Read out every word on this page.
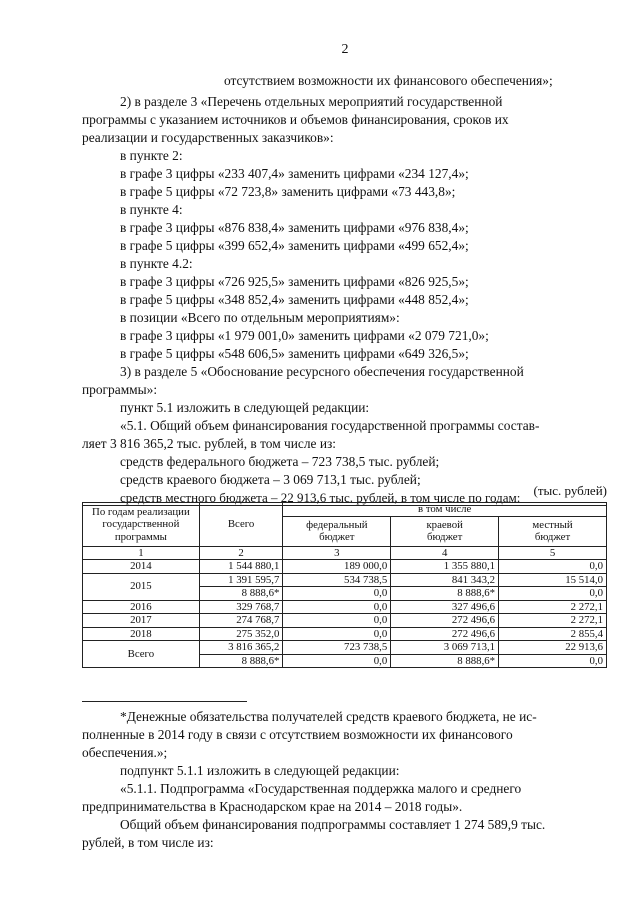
2
отсутствием возможности их финансового обеспечения»;
2) в разделе 3 «Перечень отдельных мероприятий государственной
программы с указанием источников и объемов финансирования, сроков их
реализации и государственных заказчиков»:
в пункте 2:
в графе 3 цифры «233 407,4» заменить цифрами «234 127,4»;
в графе 5 цифры «72 723,8» заменить цифрами «73 443,8»;
в пункте 4:
в графе 3 цифры «876 838,4» заменить цифрами «976 838,4»;
в графе 5 цифры «399 652,4» заменить цифрами «499 652,4»;
в пункте 4.2:
в графе 3 цифры «726 925,5» заменить цифрами «826 925,5»;
в графе 5 цифры «348 852,4» заменить цифрами «448 852,4»;
в позиции «Всего по отдельным мероприятиям»:
в графе 3 цифры «1 979 001,0» заменить цифрами «2 079 721,0»;
в графе 5 цифры «548 606,5» заменить цифрами «649 326,5»;
3) в разделе 5 «Обоснование ресурсного обеспечения государственной
программы»:
пункт 5.1 изложить в следующей редакции:
«5.1. Общий объем финансирования государственной программы состав-
ляет 3 816 365,2 тыс. рублей, в том числе из:
средств федерального бюджета – 723 738,5 тыс. рублей;
средств краевого бюджета – 3 069 713,1 тыс. рублей;
средств местного бюджета – 22 913,6 тыс. рублей, в том числе по годам:	(тыс. рублей)
По годам реализации государственной программы	Всего	в том числе		
		федеральный бюджет	краевой бюджет	местный бюджет
1	2	3	4	5
2014	1 544 880,1	189 000,0	1 355 880,1	0,0
2015	1 391 595,7	534 738,5	841 343,2	15 514,0
	8 888,6*	0,0	8 888,6*	0,0
2016	329 768,7	0,0	327 496,6	2 272,1
2017	274 768,7	0,0	272 496,6	2 272,1
2018	275 352,0	0,0	272 496,6	2 855,4
Всего	3 816 365,2	723 738,5	3 069 713,1	22 913,6
	8 888,6*	0,0	8 888,6*	0,0
*Денежные обязательства получателей средств краевого бюджета, не ис-
полненные в 2014 году в связи с отсутствием возможности их финансового
обеспечения.»;
подпункт 5.1.1 изложить в следующей редакции:
«5.1.1. Подпрограмма «Государственная поддержка малого и среднего
предпринимательства в Краснодарском крае на 2014 – 2018 годы».
Общий объем финансирования подпрограммы составляет 1 274 589,9 тыс.
рублей, в том числе из:
